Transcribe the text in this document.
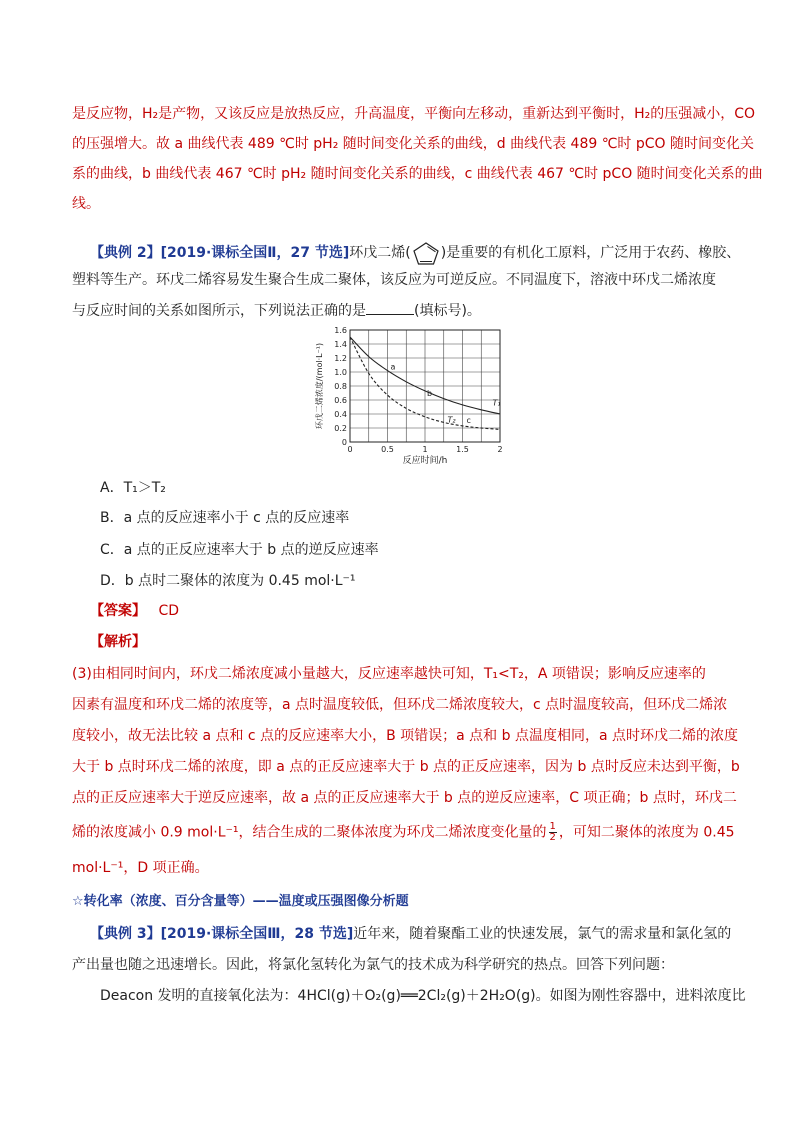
是反应物，H₂是产物，又该反应是放热反应，升高温度，平衡向左移动，重新达到平衡时，H₂的压强减小，CO
的压强增大。故 a 曲线代表 489 ℃时 pH₂ 随时间变化关系的曲线，d 曲线代表 489 ℃时 pCO 随时间变化关
系的曲线，b 曲线代表 467 ℃时 pH₂ 随时间变化关系的曲线，c 曲线代表 467 ℃时 pCO 随时间变化关系的曲
线。
【典例 2】[2019·课标全国Ⅱ，27 节选]环戊二烯( )是重要的有机化工原料，广泛用于农药、橡胶、
塑料等生产。环戊二烯容易发生聚合生成二聚体，该反应为可逆反应。不同温度下，溶液中环戊二烯浓度
与反应时间的关系如图所示，下列说法正确的是	(填标号)。
0
0.2
0.4
0.6
0.8
1.0
1.2
1.4
1.6
0	0.5	1	1.5	2
反应时间/h
环戊二烯浓度/(mol·L⁻¹)	T₁
T₂
a
b
c
A．T₁＞T₂
B．a 点的反应速率小于 c 点的反应速率
C．a 点的正反应速率大于 b 点的逆反应速率
D．b 点时二聚体的浓度为 0.45 mol·L⁻¹
【答案】 CD
【解析】
(3)由相同时间内，环戊二烯浓度减小量越大，反应速率越快可知，T₁<T₂，A 项错误；影响反应速率的
因素有温度和环戊二烯的浓度等，a 点时温度较低，但环戊二烯浓度较大，c 点时温度较高，但环戊二烯浓
度较小，故无法比较 a 点和 c 点的反应速率大小，B 项错误；a 点和 b 点温度相同，a 点时环戊二烯的浓度
大于 b 点时环戊二烯的浓度，即 a 点的正反应速率大于 b 点的正反应速率，因为 b 点时反应未达到平衡，b
点的正反应速率大于逆反应速率，故 a 点的正反应速率大于 b 点的逆反应速率，C 项正确；b 点时，环戊二
烯的浓度减小 0.9 mol·L⁻¹，结合生成的二聚体浓度为环戊二烯浓度变化量的 $\frac{1}{2}$ ，可知二聚体的浓度为 0.45
mol·L⁻¹，D 项正确。
☆转化率（浓度、百分含量等）——温度或压强图像分析题
【典例 3】[2019·课标全国Ⅲ，28 节选]近年来，随着聚酯工业的快速发展，氯气的需求量和氯化氢的
产出量也随之迅速增长。因此，将氯化氢转化为氯气的技术成为科学研究的热点。回答下列问题：
Deacon 发明的直接氧化法为：4HCl(g)＋O₂(g)══2Cl₂(g)＋2H₂O(g)。如图为刚性容器中，进料浓度比
